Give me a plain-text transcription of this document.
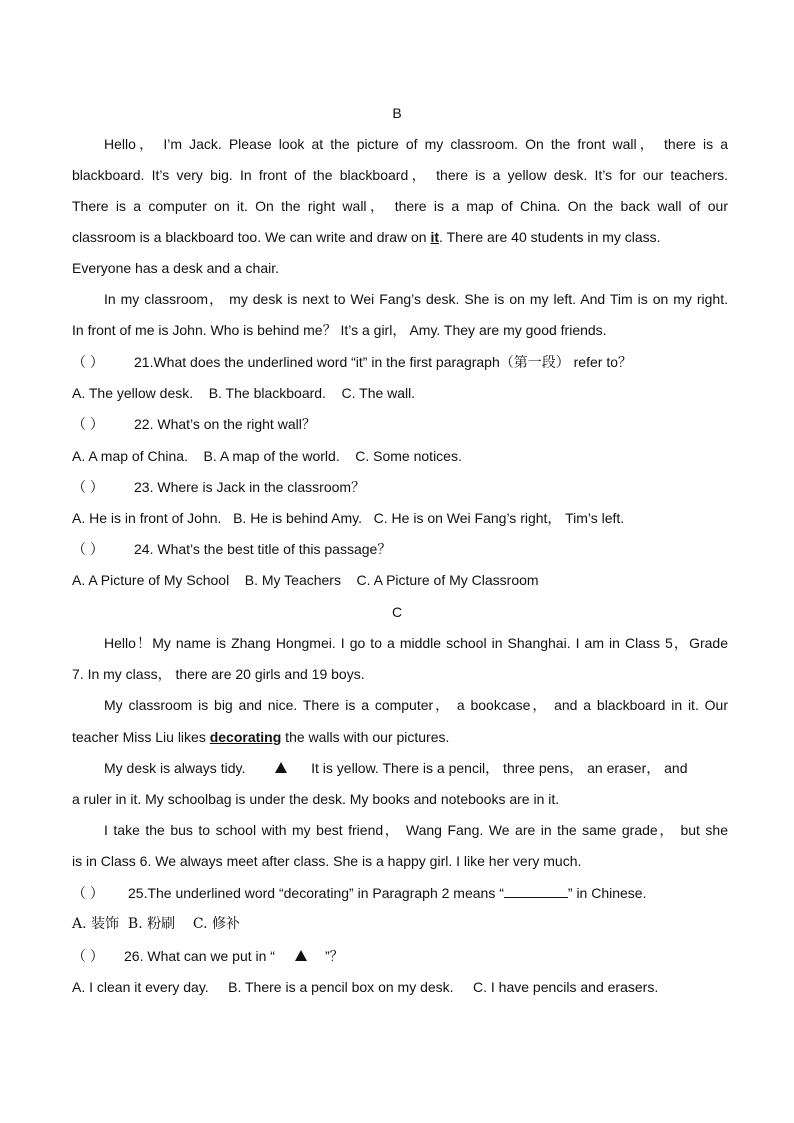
B
Hello， I’m Jack. Please look at the picture of my classroom. On the front wall， there is a
blackboard. It’s very big. In front of the blackboard， there is a yellow desk. It’s for our teachers.
There is a computer on it. On the right wall， there is a map of China. On the back wall of our
classroom is a blackboard too. We can write and draw on it. There are 40 students in my class.
Everyone has a desk and a chair.
In my classroom， my desk is next to Wei Fang’s desk. She is on my left. And Tim is on my right.
In front of me is John. Who is behind me？ It’s a girl， Amy. They are my good friends.
（ ） 21.What does the underlined word “it” in the first paragraph（第一段） refer to？
A. The yellow desk.    B. The blackboard.    C. The wall.
（ ） 22. What’s on the right wall？
A. A map of China.    B. A map of the world.    C. Some notices.
（ ） 23. Where is Jack in the classroom？
A. He is in front of John.   B. He is behind Amy.   C. He is on Wei Fang’s right， Tim’s left.
（ ） 24. What’s the best title of this passage？
A. A Picture of My School    B. My Teachers    C. A Picture of My Classroom
C
Hello！My name is Zhang Hongmei. I go to a middle school in Shanghai. I am in Class 5，Grade
7. In my class， there are 20 girls and 19 boys.
My classroom is big and nice. There is a computer， a bookcase， and a blackboard in it. Our
teacher Miss Liu likes decorating the walls with our pictures.
My desk is always tidy.	It is yellow. There is a pencil， three pens， an eraser， and
a ruler in it. My schoolbag is under the desk. My books and notebooks are in it.
I take the bus to school with my best friend， Wang Fang. We are in the same grade， but she
is in Class 6. We always meet after class. She is a happy girl. I like her very much.
（ ） 25.The underlined word “decorating” in Paragraph 2 means “	” in Chinese.
A. 装饰  B. 粉刷    C. 修补
（ ） 26. What can we put in “	”？
A. I clean it every day.     B. There is a pencil box on my desk.     C. I have pencils and erasers.
